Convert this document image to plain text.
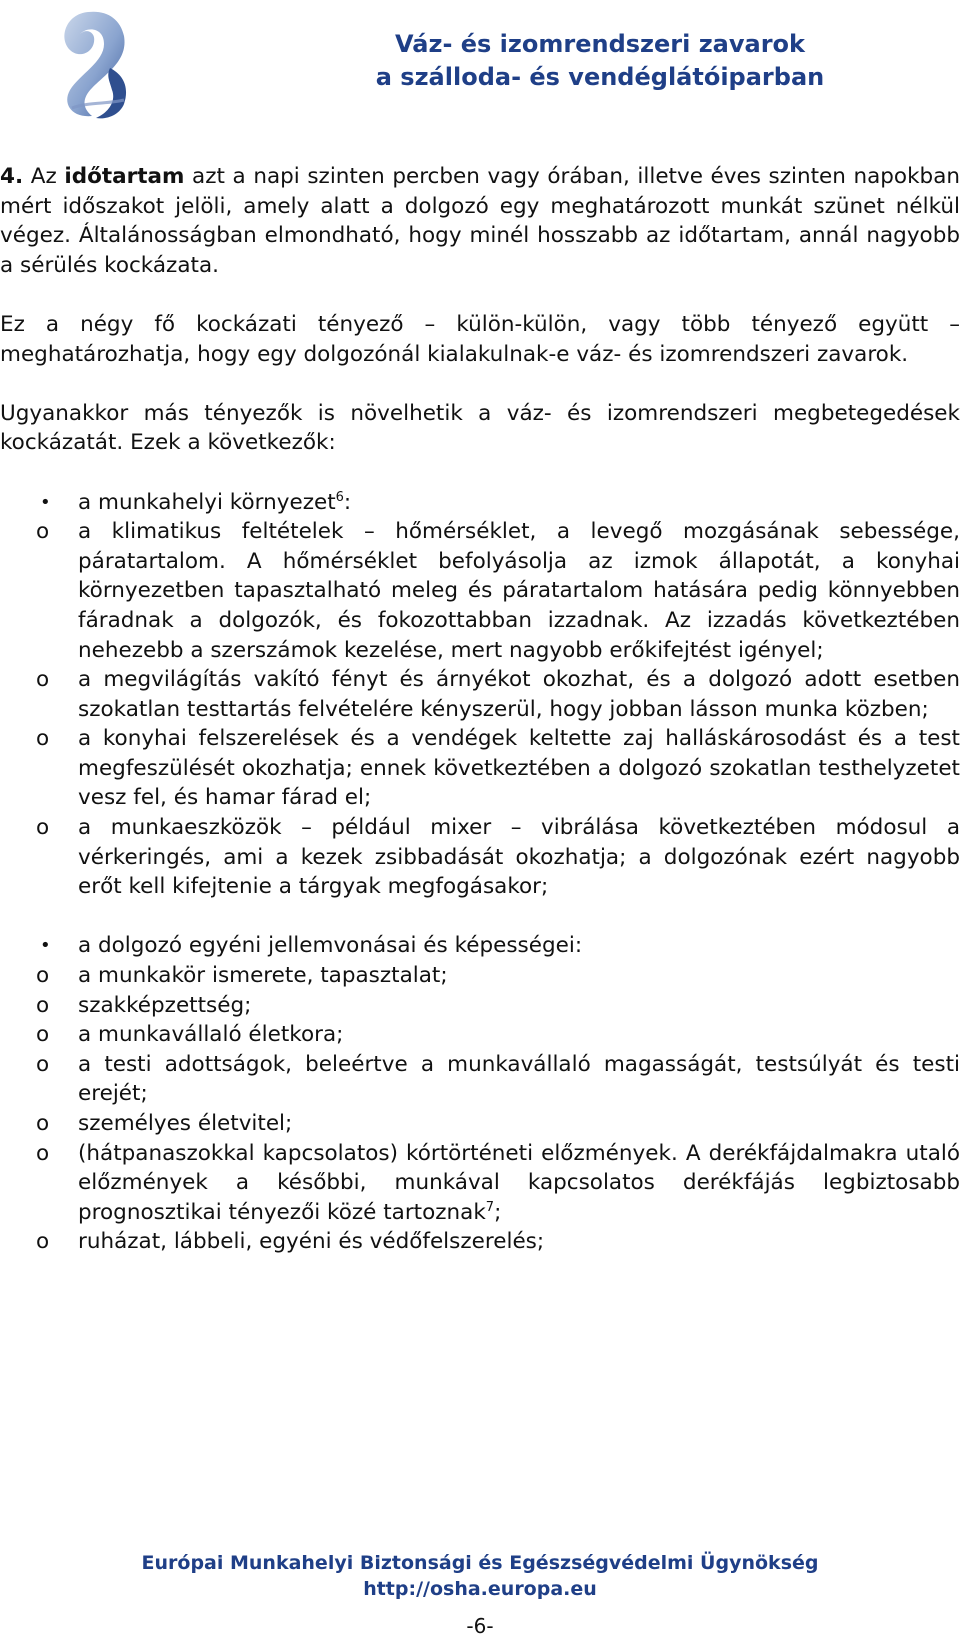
Váz- és izomrendszeri zavarok
a szálloda- és vendéglátóiparban

4. Az időtartam azt a napi szinten percben vagy órában, illetve éves szinten napokban mért időszakot jelöli, amely alatt a dolgozó egy meghatározott munkát szünet nélkül végez. Általánosságban elmondható, hogy minél hosszabb az időtartam, annál nagyobb a sérülés kockázata.

Ez a négy fő kockázati tényező – külön-külön, vagy több tényező együtt – meghatározhatja, hogy egy dolgozónál kialakulnak-e váz- és izomrendszeri zavarok.

Ugyanakkor más tényezők is növelhetik a váz- és izomrendszeri megbetegedések kockázatát. Ezek a következők:

• a munkahelyi környezet$^6$:
o a klimatikus feltételek – hőmérséklet, a levegő mozgásának sebessége, páratartalom. A hőmérséklet befolyásolja az izmok állapotát, a konyhai környezetben tapasztalható meleg és páratartalom hatására pedig könnyebben fáradnak a dolgozók, és fokozottabban izzadnak. Az izzadás következtében nehezebb a szerszámok kezelése, mert nagyobb erőkifejtést igényel;
o a megvilágítás vakító fényt és árnyékot okozhat, és a dolgozó adott esetben szokatlan testtartás felvételére kényszerül, hogy jobban lásson munka közben;
o a konyhai felszerelések és a vendégek keltette zaj halláskárosodást és a test megfeszülését okozhatja; ennek következtében a dolgozó szokatlan testhelyzetet vesz fel, és hamar fárad el;
o a munkaeszközök – például mixer – vibrálása következtében módosul a vérkeringés, ami a kezek zsibbadását okozhatja; a dolgozónak ezért nagyobb erőt kell kifejtenie a tárgyak megfogásakor;
• a dolgozó egyéni jellemvonásai és képességei:
o a munkakör ismerete, tapasztalat;
o szakképzettség;
o a munkavállaló életkora;
o a testi adottságok, beleértve a munkavállaló magasságát, testsúlyát és testi erejét;
o személyes életvitel;
o (hátpanaszokkal kapcsolatos) kórtörténeti előzmények. A derékfájdalmakra utaló előzmények a későbbi, munkával kapcsolatos derékfájás legbiztosabb prognosztikai tényezői közé tartoznak$^7$;
o ruházat, lábbeli, egyéni és védőfelszerelés;
Európai Munkahelyi Biztonsági és Egészségvédelmi Ügynökség
http://osha.europa.eu
-6-
